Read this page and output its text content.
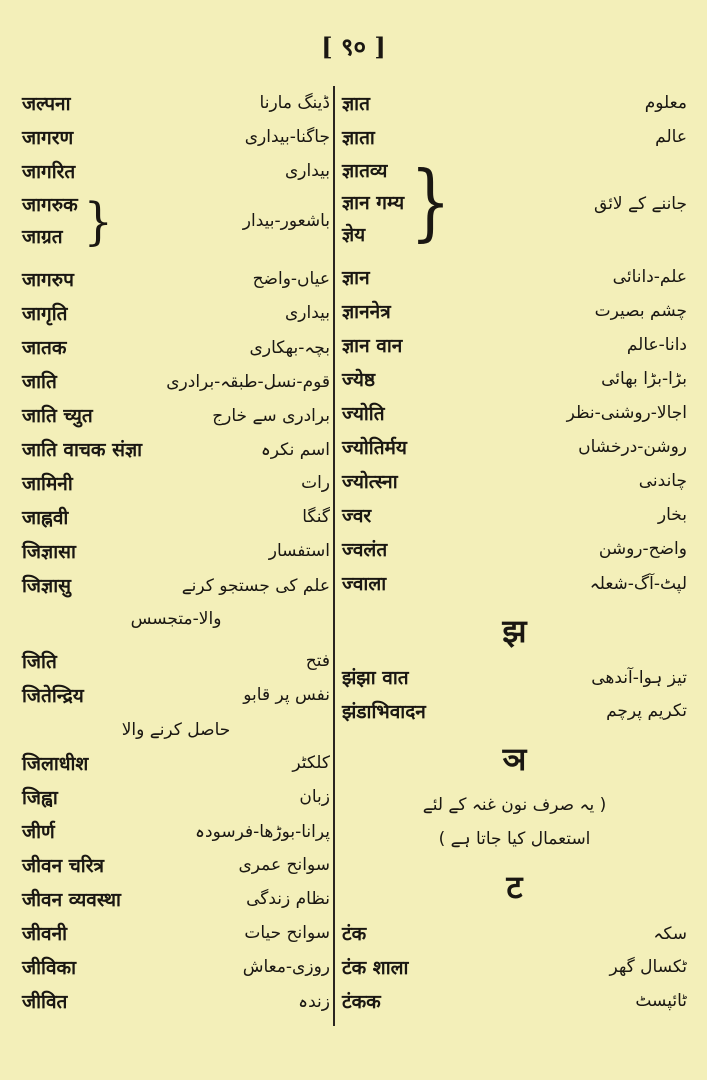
[ ९० ]
जल्पना	ڈینگ مارنا
जागरण	جاگنا-بیداری
जागरित	بیداری
जागरुक
जाग्रत }	باشعور-بیدار
जागरुप	عیاں-واضح
जागृति	بیداری
जातक	بچہ-بھکاری
जाति	قوم-نسل-طبقہ-برادری
जाति च्युत	برادری سے خارج
जाति वाचक संज्ञा	اسم نکرہ
जामिनी	رات
जाह्नवी	گنگا
जिज्ञासा	استفسار
जिज्ञासु	علم کی جستجو کرنے
والا-متجسس
जिति	فتح
जितेन्द्रिय	نفس پر قابو
حاصل کرنے والا
जिलाधीश	کلکٹر
जिह्वा	زبان
जीर्ण	پرانا-بوڑھا-فرسودہ
जीवन चरित्र	سوانح عمری
जीवन व्यवस्था	نظام زندگی
जीवनी	سوانح حیات
जीविका	روزی-معاش
जीवित	زندہ
ज्ञात	معلوم
ज्ञाता	عالم
ज्ञातव्य
ज्ञान गम्य
ज्ञेय }	جاننے کے لائق
ज्ञान	علم-دانائی
ज्ञाननेत्र	چشم بصیرت
ज्ञान वान	دانا-عالم
ज्येष्ठ	بڑا-بڑا بھائی
ज्योति	اجالا-روشنی-نظر
ज्योतिर्मय	روشن-درخشاں
ज्योत्स्ना	چاندنی
ज्वर	بخار
ज्वलंत	واضح-روشن
ज्वाला	لپٹ-آگ-شعلہ
झ
झंझा वात	تیز ہوا-آندھی
झंडाभिवादन	تکریم پرچم
ञ
( یہ صرف نون غنہ کے لئے
استعمال کیا جاتا ہے )
ट
टंक	سکہ
टंक शाला	ٹکسال گھر
टंकक	ٹائپسٹ
